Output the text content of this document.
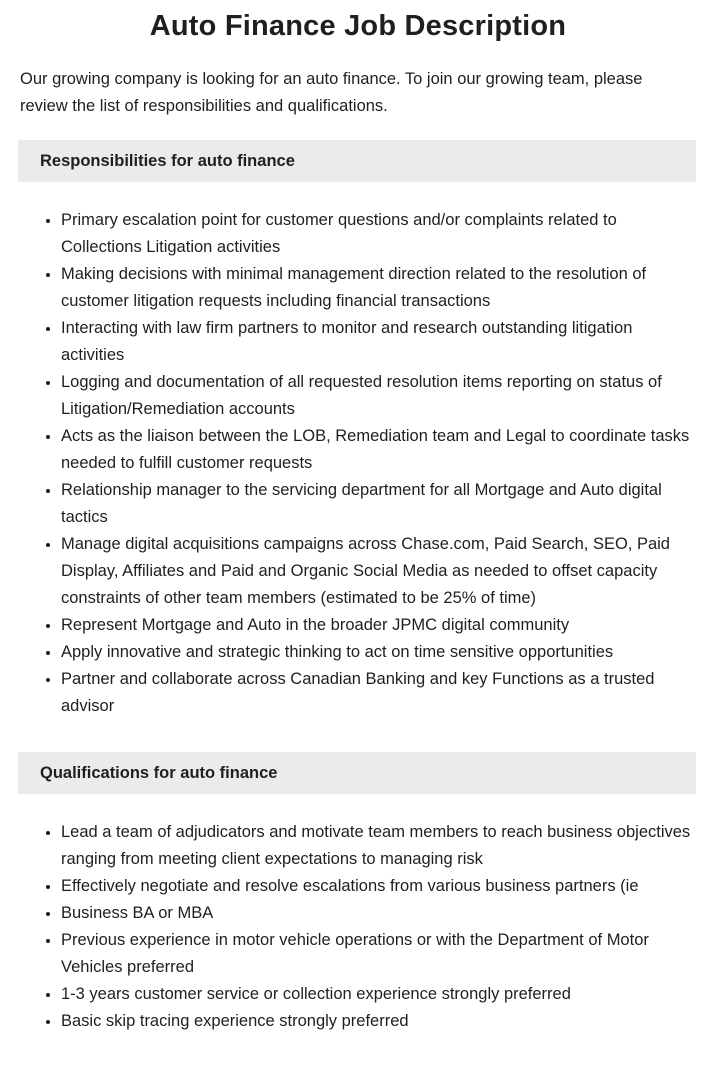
Auto Finance Job Description

Our growing company is looking for an auto finance. To join our growing team, please review the list of responsibilities and qualifications.

Responsibilities for auto finance
• Primary escalation point for customer questions and/or complaints related to Collections Litigation activities
• Making decisions with minimal management direction related to the resolution of customer litigation requests including financial transactions
• Interacting with law firm partners to monitor and research outstanding litigation activities
• Logging and documentation of all requested resolution items reporting on status of Litigation/Remediation accounts
• Acts as the liaison between the LOB, Remediation team and Legal to coordinate tasks needed to fulfill customer requests
• Relationship manager to the servicing department for all Mortgage and Auto digital tactics
• Manage digital acquisitions campaigns across Chase.com, Paid Search, SEO, Paid Display, Affiliates and Paid and Organic Social Media as needed to offset capacity constraints of other team members (estimated to be 25% of time)
• Represent Mortgage and Auto in the broader JPMC digital community
• Apply innovative and strategic thinking to act on time sensitive opportunities
• Partner and collaborate across Canadian Banking and key Functions as a trusted advisor
Qualifications for auto finance
• Lead a team of adjudicators and motivate team members to reach business objectives ranging from meeting client expectations to managing risk
• Effectively negotiate and resolve escalations from various business partners (ie
• Business BA or MBA
• Previous experience in motor vehicle operations or with the Department of Motor Vehicles preferred
• 1-3 years customer service or collection experience strongly preferred
• Basic skip tracing experience strongly preferred
